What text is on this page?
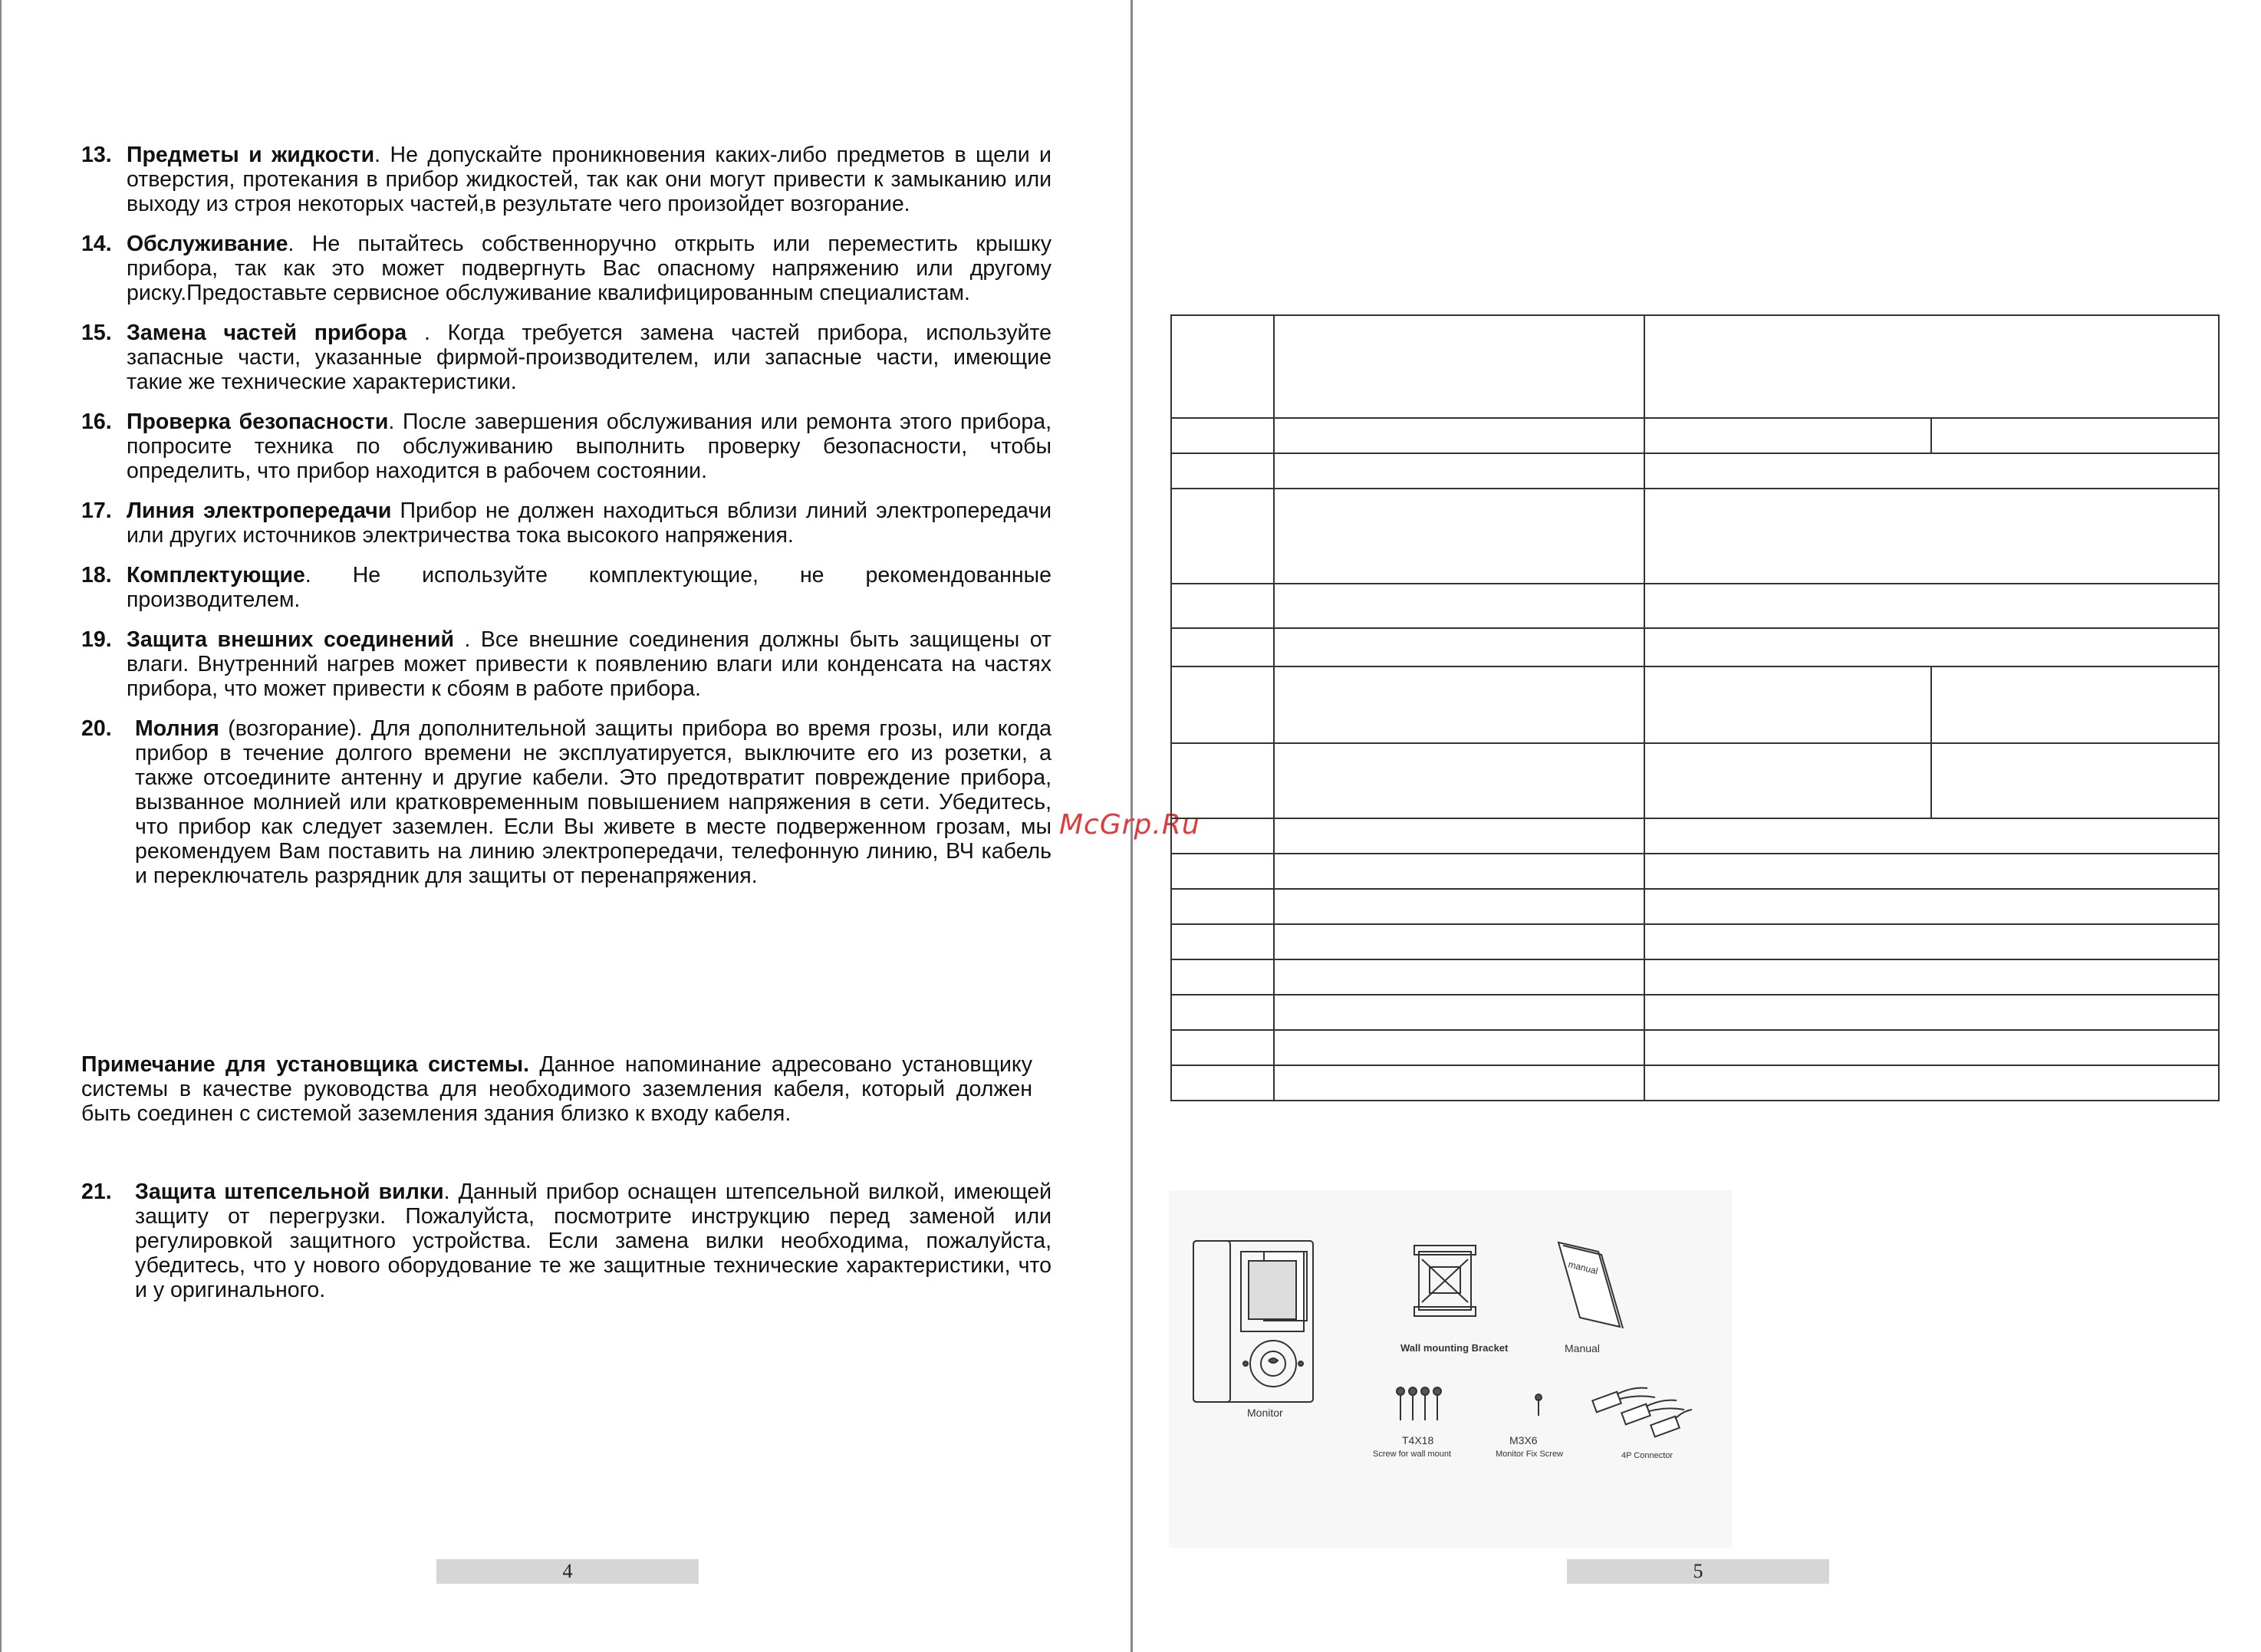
13. Предметы и жидкости. Не допускайте проникновения каких-либо предметов в щели и отверстия, протекания в прибор жидкостей, так как они могут привести к замыканию или выходу из строя некоторых частей,в результате чего произойдет возгорание.
14. Обслуживание. Не пытайтесь собственноручно открыть или переместить крышку прибора, так как это может подвергнуть Вас опасному напряжению или другому риску.Предоставьте сервисное обслуживание квалифицированным специалистам.
15. Замена частей прибора . Когда требуется замена частей прибора, используйте запасные части, указанные фирмой-производителем, или запасные части, имеющие такие же технические характеристики.
16. Проверка безопасности. После завершения обслуживания или ремонта этого прибора, попросите техника по обслуживанию выполнить проверку безопасности, чтобы определить, что прибор находится в рабочем состоянии.
17. Линия электропередачи Прибор не должен находиться вблизи линий электропередачи или других источников электричества тока высокого напряжения.
18. Комплектующие. Не используйте комплектующие, не рекомендованные производителем.
19. Защита внешних соединений . Все внешние соединения должны быть защищены от влаги. Внутренний нагрев может привести к появлению влаги или конденсата на частях прибора, что может привести к сбоям в работе прибора.
20.	Молния (возгорание). Для дополнительной защиты прибора во время грозы, или когда прибор в течение долгого времени не эксплуатируется, выключите его из розетки, а также отсоедините антенну и другие кабели. Это предотвратит повреждение прибора, вызванное молнией или кратковременным повышением напряжения в сети. Убедитесь, что прибор как следует заземлен. Если Вы живете в месте подверженном грозам, мы рекомендуем Вам поставить на линию электропередачи, телефонную линию, ВЧ кабель и переключатель разрядник для защиты от перенапряжения.
Примечание для установщика системы. Данное напоминание адресовано установщику системы в качестве руководства для необходимого заземления кабеля, который должен быть соединен с системой заземления здания близко к входу кабеля.
21.	Защита штепсельной вилки. Данный прибор оснащен штепсельной вилкой, имеющей защиту от перегрузки. Пожалуйста, посмотрите инструкцию перед заменой или регулировкой защитного устройства. Если замена вилки необходима, пожалуйста, убедитесь, что у нового оборудование те же защитные технические характеристики, что и у оригинального.
4	5
McGrp.Ru

manual
Monitor
Wall mounting Bracket	Manual
T4X18
Screw for wall mount
M3X6
Monitor Fix Screw	4P Connector
